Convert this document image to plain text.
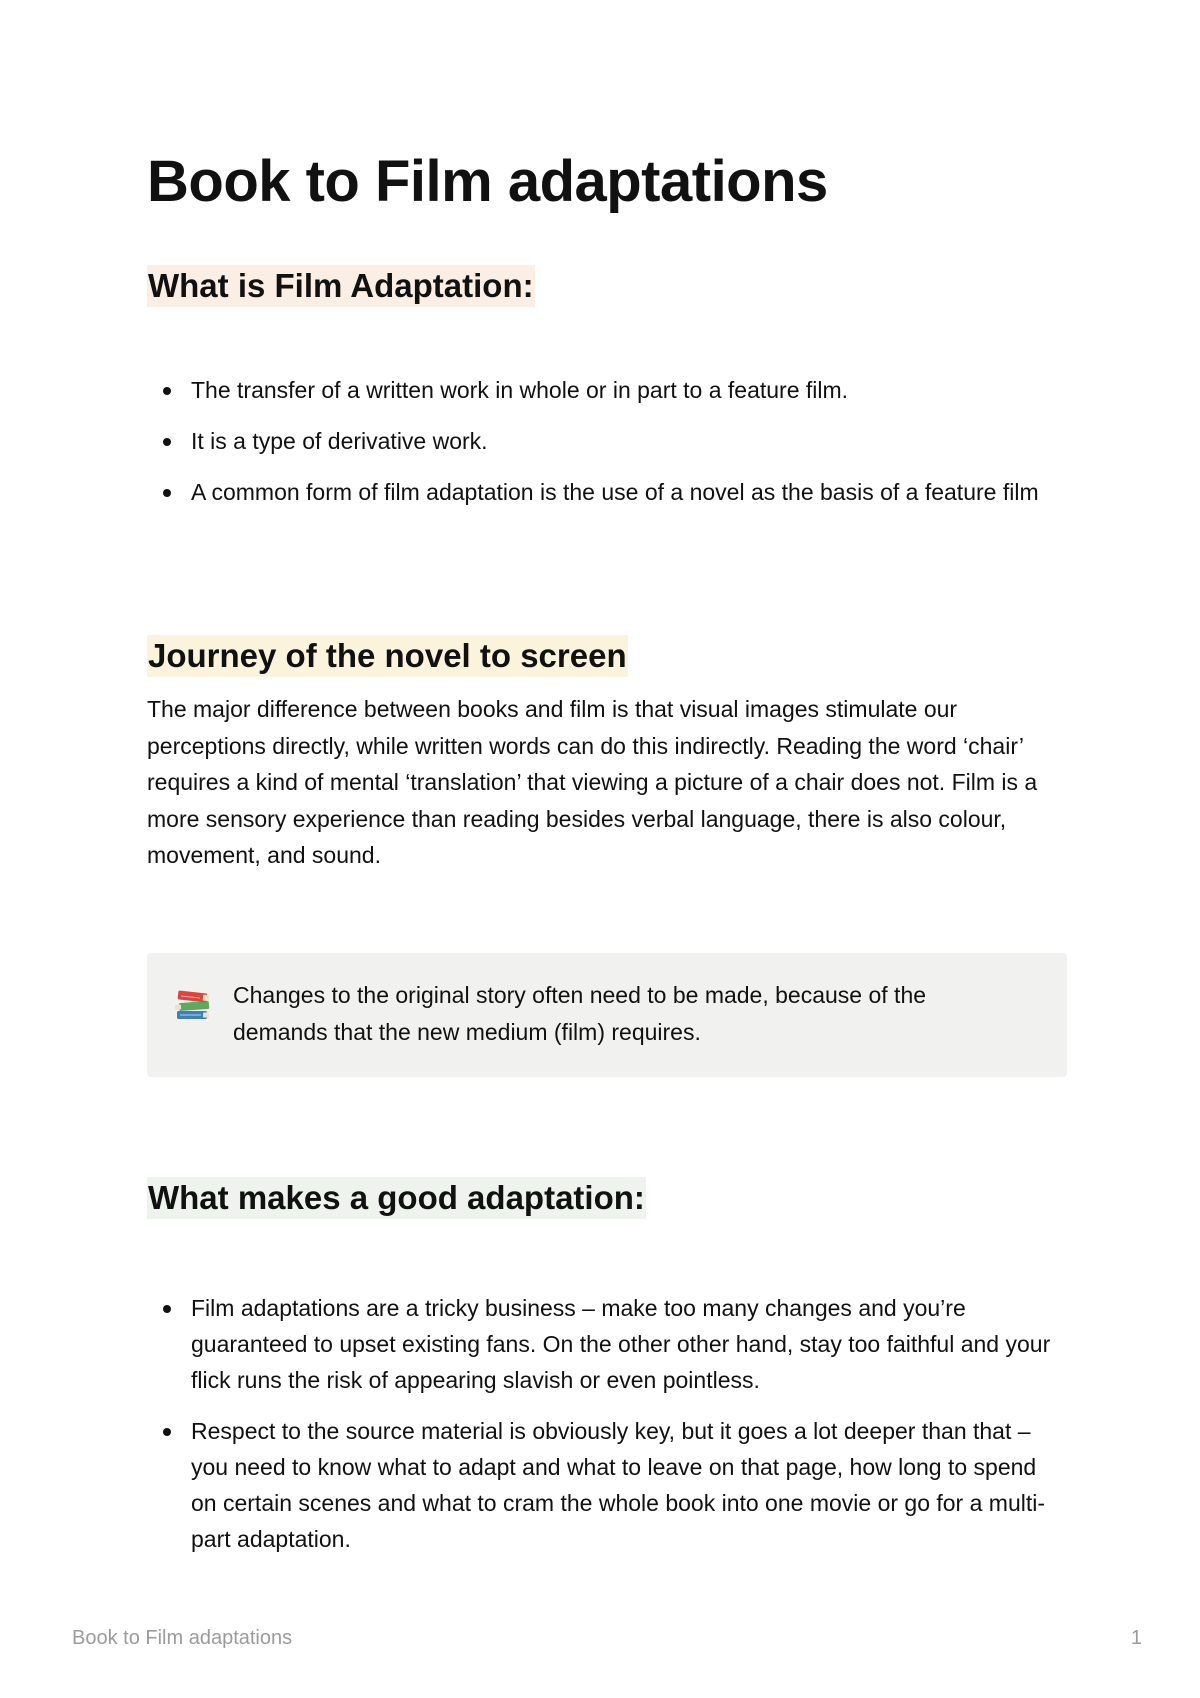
Book to Film adaptations
What is Film Adaptation:
The transfer of a written work in whole or in part to a feature film.
It is a type of derivative work.
A common form of film adaptation is the use of a novel as the basis of a feature film
Journey of the novel to screen

The major difference between books and film is that visual images stimulate our perceptions directly, while written words can do this indirectly. Reading the word ‘chair’ requires a kind of mental ‘translation’ that viewing a picture of a chair does not. Film is a more sensory experience than reading besides verbal language, there is also colour, movement, and sound.

Changes to the original story often need to be made, because of the demands that the new medium (film) requires.
What makes a good adaptation:
Film adaptations are a tricky business – make too many changes and you’re guaranteed to upset existing fans. On the other other hand, stay too faithful and your flick runs the risk of appearing slavish or even pointless.
Respect to the source material is obviously key, but it goes a lot deeper than that – you need to know what to adapt and what to leave on that page, how long to spend on certain scenes and what to cram the whole book into one movie or go for a multi-part adaptation.
Book to Film adaptations	1
